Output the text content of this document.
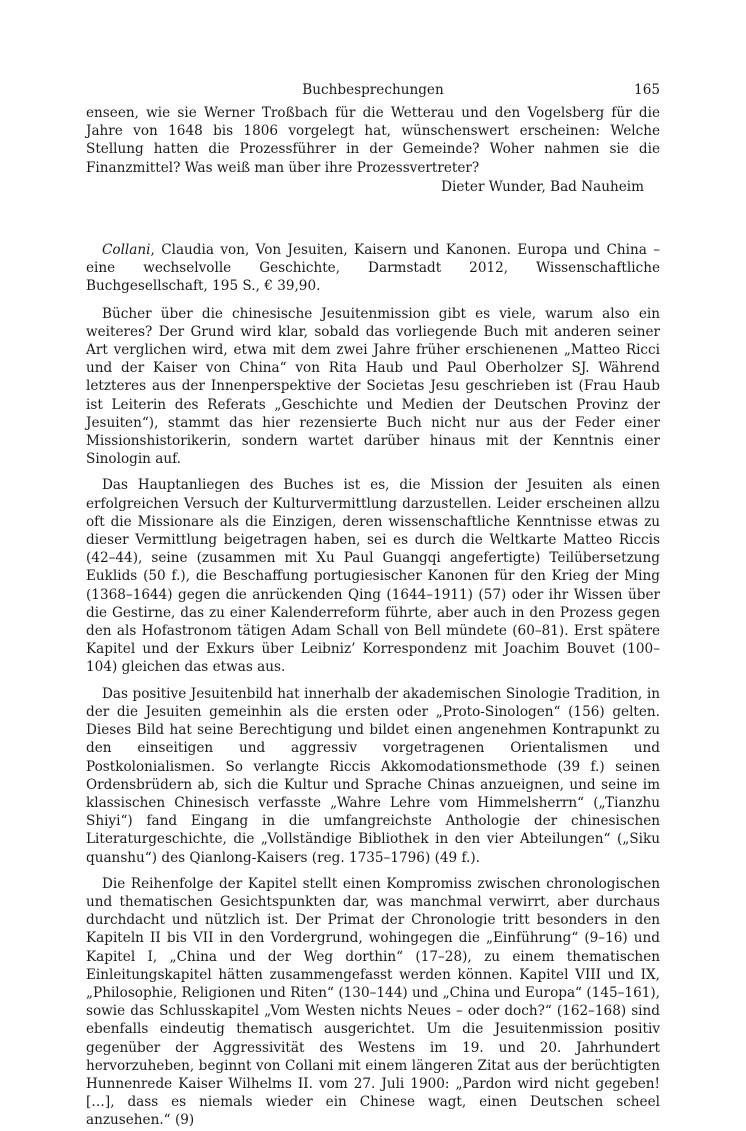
Buchbesprechungen	165

enseen, wie sie Werner Troßbach für die Wetterau und den Vogelsberg für die Jahre von 1648 bis 1806 vorgelegt hat, wünschenswert erscheinen: Welche Stellung hatten die Prozessführer in der Gemeinde? Woher nahmen sie die Finanzmittel? Was weiß man über ihre Prozessvertreter?

Dieter Wunder, Bad Nauheim

Collani, Claudia von, Von Jesuiten, Kaisern und Kanonen. Europa und China – eine wechselvolle Geschichte, Darmstadt 2012, Wissenschaftliche Buchgesellschaft, 195 S., € 39,90.

Bücher über die chinesische Jesuitenmission gibt es viele, warum also ein weiteres? Der Grund wird klar, sobald das vorliegende Buch mit anderen seiner Art verglichen wird, etwa mit dem zwei Jahre früher erschienenen „Matteo Ricci und der Kaiser von China“ von Rita Haub und Paul Oberholzer SJ. Während letzteres aus der Innenperspektive der Societas Jesu geschrieben ist (Frau Haub ist Leiterin des Referats „Geschichte und Medien der Deutschen Provinz der Jesuiten“), stammt das hier rezensierte Buch nicht nur aus der Feder einer Missionshistorikerin, sondern wartet darüber hinaus mit der Kenntnis einer Sinologin auf.

Das Hauptanliegen des Buches ist es, die Mission der Jesuiten als einen erfolgreichen Versuch der Kulturvermittlung darzustellen. Leider erscheinen allzu oft die Missionare als die Einzigen, deren wissenschaftliche Kenntnisse etwas zu dieser Vermittlung beigetragen haben, sei es durch die Weltkarte Matteo Riccis (42–44), seine (zusammen mit Xu Paul Guangqi angefertigte) Teilübersetzung Euklids (50 f.), die Beschaffung portugiesischer Kanonen für den Krieg der Ming (1368–1644) gegen die anrückenden Qing (1644–1911) (57) oder ihr Wissen über die Gestirne, das zu einer Kalenderreform führte, aber auch in den Prozess gegen den als Hofastronom tätigen Adam Schall von Bell mündete (60–81). Erst spätere Kapitel und der Exkurs über Leibniz’ Korrespondenz mit Joachim Bouvet (100–104) gleichen das etwas aus.

Das positive Jesuitenbild hat innerhalb der akademischen Sinologie Tradition, in der die Jesuiten gemeinhin als die ersten oder „Proto-Sinologen“ (156) gelten. Dieses Bild hat seine Berechtigung und bildet einen angenehmen Kontrapunkt zu den einseitigen und aggressiv vorgetragenen Orientalismen und Postkolonialismen. So verlangte Riccis Akkomodationsmethode (39 f.) seinen Ordensbrüdern ab, sich die Kultur und Sprache Chinas anzueignen, und seine im klassischen Chinesisch verfasste „Wahre Lehre vom Himmelsherrn“ („Tianzhu Shiyi“) fand Eingang in die umfangreichste Anthologie der chinesischen Literaturgeschichte, die „Vollständige Bibliothek in den vier Abteilungen“ („Siku quanshu“) des Qianlong-Kaisers (reg. 1735–1796) (49 f.).

Die Reihenfolge der Kapitel stellt einen Kompromiss zwischen chronologischen und thematischen Gesichtspunkten dar, was manchmal verwirrt, aber durchaus durchdacht und nützlich ist. Der Primat der Chronologie tritt besonders in den Kapiteln II bis VII in den Vordergrund, wohingegen die „Einführung“ (9–16) und Kapitel I, „China und der Weg dorthin“ (17–28), zu einem thematischen Einleitungskapitel hätten zusammengefasst werden können. Kapitel VIII und IX, „Philosophie, Religionen und Riten“ (130–144) und „China und Europa“ (145–161), sowie das Schlusskapitel „Vom Westen nichts Neues – oder doch?“ (162–168) sind ebenfalls eindeutig thematisch ausgerichtet. Um die Jesuitenmission positiv gegenüber der Aggressivität des Westens im 19. und 20. Jahrhundert hervorzuheben, beginnt von Collani mit einem längeren Zitat aus der berüchtigten Hunnenrede Kaiser Wilhelms II. vom 27. Juli 1900: „Pardon wird nicht gegeben! […], dass es niemals wieder ein Chinese wagt, einen Deutschen scheel anzusehen.“ (9)
